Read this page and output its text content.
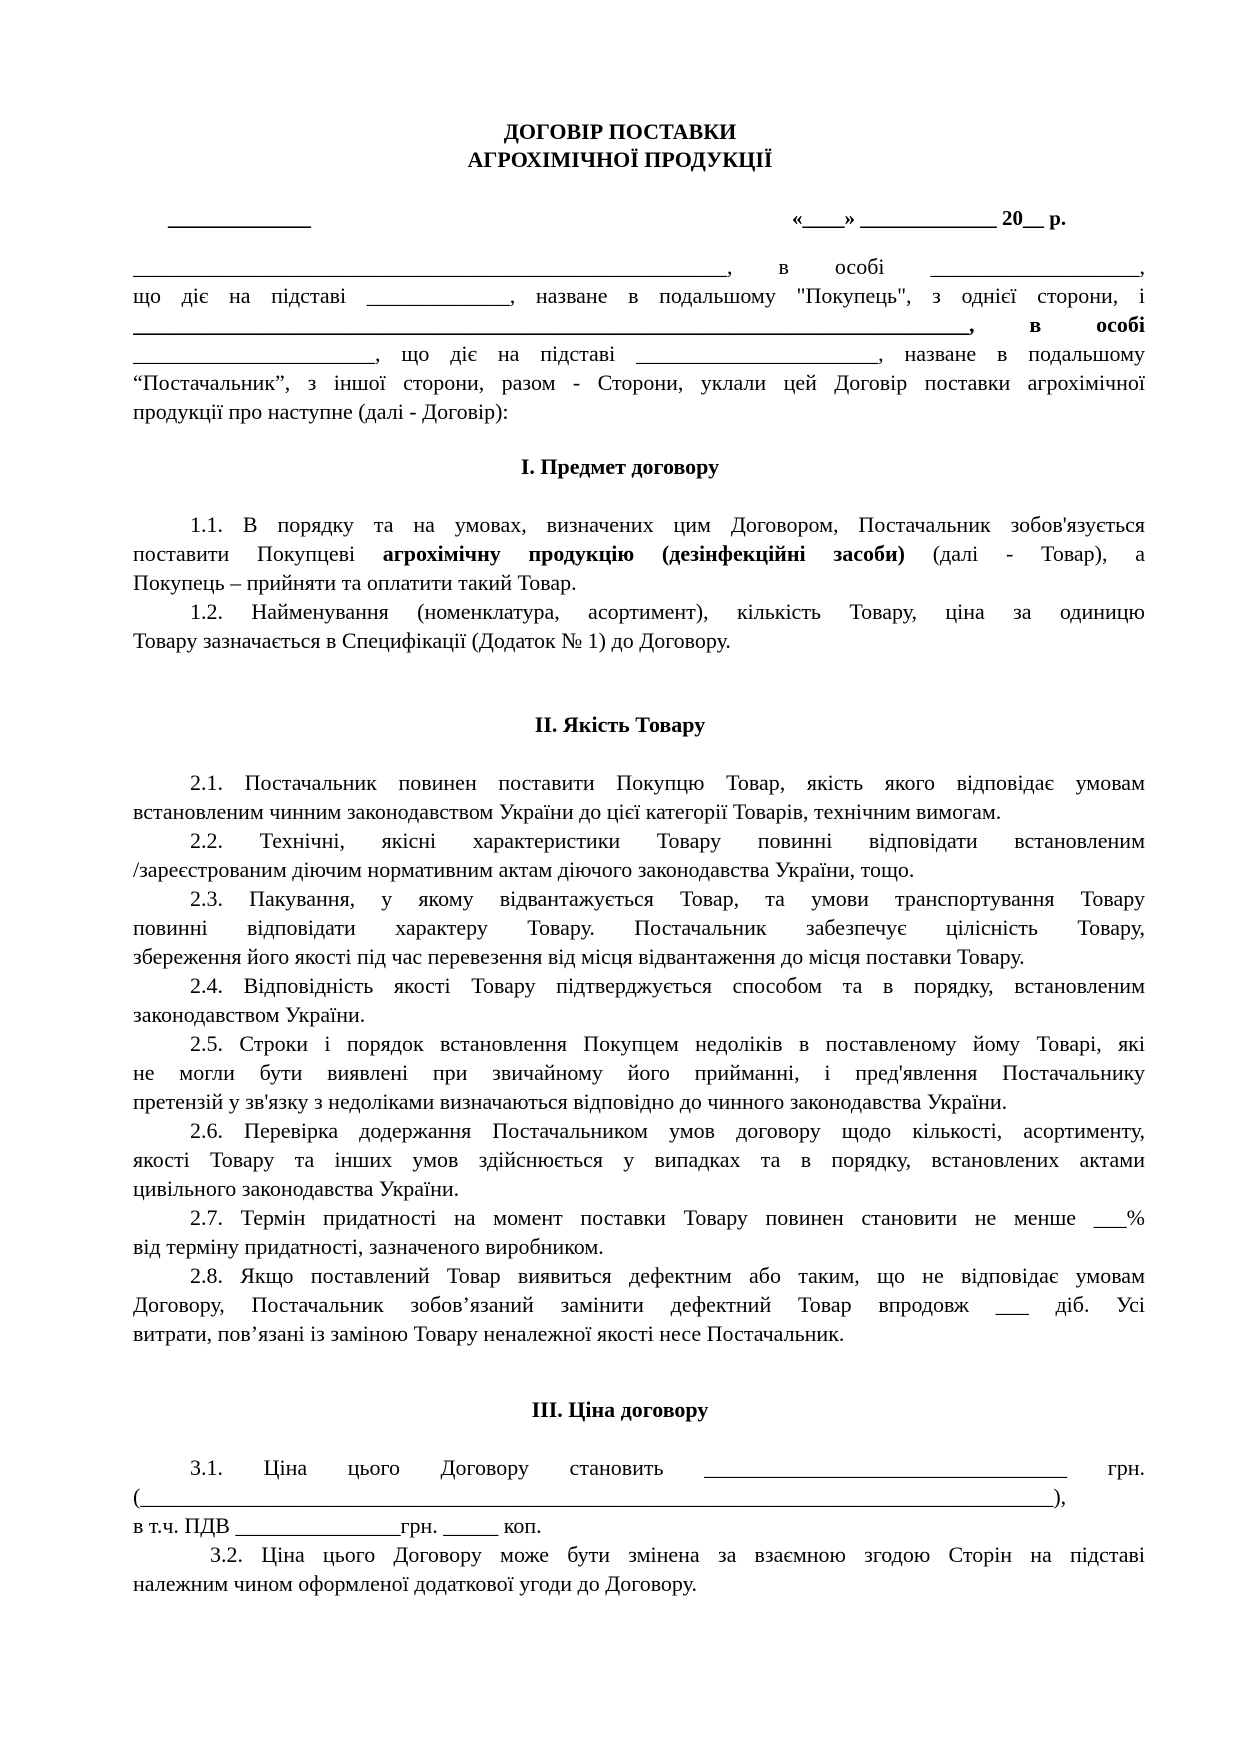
ДОГОВІР ПОСТАВКИ
АГРОХІМІЧНОЇ ПРОДУКЦІЇ
_____________	«____» _____________ 20__ р.
______________________________________________________, в особі ___________________,
що діє на підставі _____________, назване в подальшому "Покупець", з однієї сторони, і
____________________________________________________________________________, в особі
______________________, що діє на підставі ______________________, назване в подальшому
“Постачальник”, з іншої сторони, разом - Сторони, уклали цей Договір поставки агрохімічної
продукції про наступне (далі - Договір):
І. Предмет договору
1.1. В порядку та на умовах, визначених цим Договором, Постачальник зобов'язується
поставити Покупцеві агрохімічну продукцію (дезінфекційні засоби) (далі - Товар), а
Покупець – прийняти та оплатити такий Товар.
1.2. Найменування (номенклатура, асортимент), кількість Товару, ціна за одиницю
Товару зазначається в Специфікації (Додаток № 1) до Договору.
ІІ. Якість Товару
2.1. Постачальник повинен поставити Покупцю Товар, якість якого відповідає умовам
встановленим чинним законодавством України до цієї категорії Товарів, технічним вимогам.
2.2. Технічні, якісні характеристики Товару повинні відповідати встановленим
/зареєстрованим діючим нормативним актам діючого законодавства України, тощо.
2.3. Пакування, у якому відвантажується Товар, та умови транспортування Товару
повинні відповідати характеру Товару. Постачальник забезпечує цілісність Товару,
збереження його якості під час перевезення від місця відвантаження до місця поставки Товару.
2.4. Відповідність якості Товару підтверджується способом та в порядку, встановленим
законодавством України.
2.5. Строки і порядок встановлення Покупцем недоліків в поставленому йому Товарі, які
не могли бути виявлені при звичайному його прийманні, і пред'явлення Постачальнику
претензій у зв'язку з недоліками визначаються відповідно до чинного законодавства України.
2.6. Перевірка додержання Постачальником умов договору щодо кількості, асортименту,
якості Товару та інших умов здійснюється у випадках та в порядку, встановлених актами
цивільного законодавства України.
2.7. Термін придатності на момент поставки Товару повинен становити не менше ___%
від терміну придатності, зазначеного виробником.
2.8. Якщо поставлений Товар виявиться дефектним або таким, що не відповідає умовам
Договору, Постачальник зобов’язаний замінити дефектний Товар впродовж ___ діб. Усі
витрати, пов’язані із заміною Товару неналежної якості несе Постачальник.
ІІІ. Ціна договору
3.1. Ціна цього Договору становить _________________________________ грн.
(___________________________________________________________________________________),
в т.ч. ПДВ _______________грн. _____ коп.
3.2. Ціна цього Договору може бути змінена за взаємною згодою Сторін на підставі
належним чином оформленої додаткової угоди до Договору.
